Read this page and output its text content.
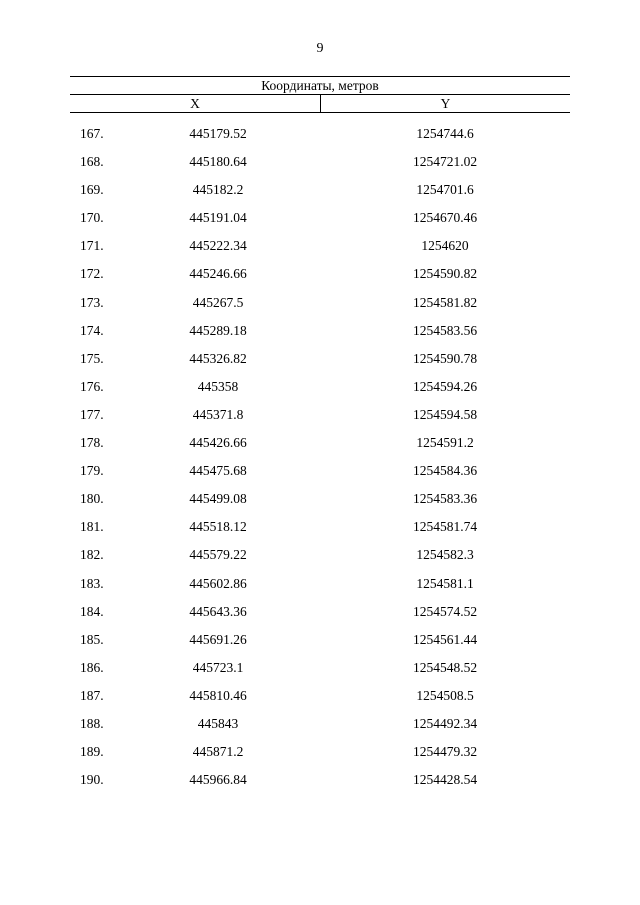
9
Координаты, метров
X	Y
167.	445179.52	1254744.6
168.	445180.64	1254721.02
169.	445182.2	1254701.6
170.	445191.04	1254670.46
171.	445222.34	1254620
172.	445246.66	1254590.82
173.	445267.5	1254581.82
174.	445289.18	1254583.56
175.	445326.82	1254590.78
176.	445358	1254594.26
177.	445371.8	1254594.58
178.	445426.66	1254591.2
179.	445475.68	1254584.36
180.	445499.08	1254583.36
181.	445518.12	1254581.74
182.	445579.22	1254582.3
183.	445602.86	1254581.1
184.	445643.36	1254574.52
185.	445691.26	1254561.44
186.	445723.1	1254548.52
187.	445810.46	1254508.5
188.	445843	1254492.34
189.	445871.2	1254479.32
190.	445966.84	1254428.54
